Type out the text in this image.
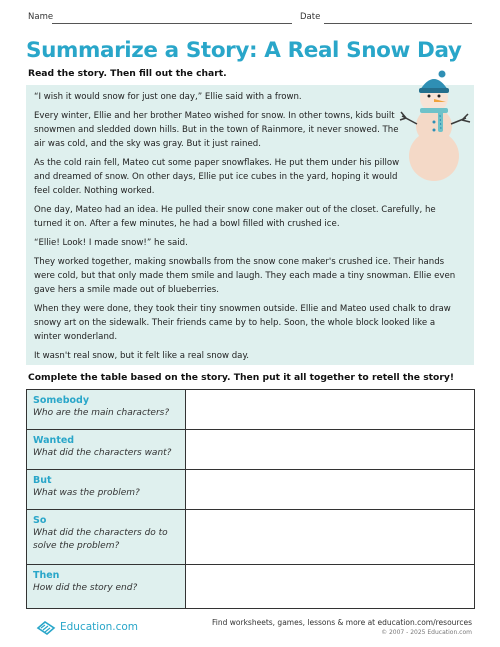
Name	Date
Summarize a Story: A Real Snow Day
Read the story. Then fill out the chart.

“I wish it would snow for just one day,” Ellie said with a frown.

Every winter, Ellie and her brother Mateo wished for snow. In other towns, kids built snowmen and sledded down hills. But in the town of Rainmore, it never snowed. The air was cold, and the sky was gray. But it just rained.

As the cold rain fell, Mateo cut some paper snowflakes. He put them under his pillow and dreamed of snow. On other days, Ellie put ice cubes in the yard, hoping it would feel colder. Nothing worked.

One day, Mateo had an idea. He pulled their snow cone maker out of the closet. Carefully, he turned it on. After a few minutes, he had a bowl filled with crushed ice.

“Ellie! Look! I made snow!” he said.

They worked together, making snowballs from the snow cone maker's crushed ice. Their hands were cold, but that only made them smile and laugh. They each made a tiny snowman. Ellie even gave hers a smile made out of blueberries.

When they were done, they took their tiny snowmen outside. Ellie and Mateo used chalk to draw snowy art on the sidewalk. Their friends came by to help. Soon, the whole block looked like a winter wonderland.

It wasn't real snow, but it felt like a real snow day.

Complete the table based on the story. Then put it all together to retell the story!
Somebody
Who are the main characters?	

Wanted
What did the characters want?	

But
What was the problem?	

So
What did the characters do to solve the problem?	

Then
How did the story end?	

Education.com	Find worksheets, games, lessons & more at education.com/resources
© 2007 - 2025 Education.com
